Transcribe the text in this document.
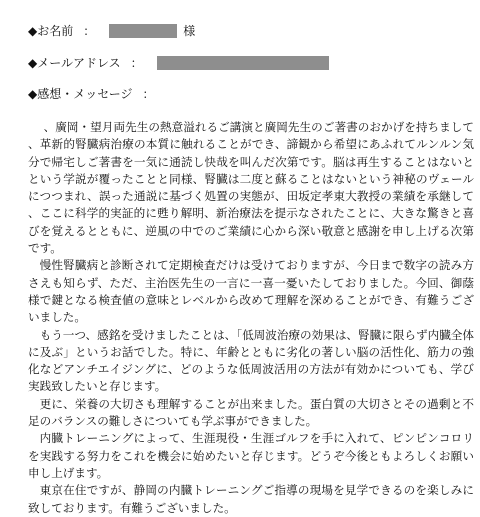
◆お名前 ：	様
◆メールアドレス ：
◆感想・メッセージ ：

、廣岡・望月両先生の熱意溢れるご講演と廣岡先生のご著書のおかげを持ちまして、革新的腎臓病治療の本質に触れることができ、諦観から希望にあふれてルンルン気分で帰宅しご著書を一気に通読し快哉を叫んだ次第です。脳は再生することはないとという学説が覆ったことと同様、腎臓は二度と蘇ることはないという神秘のヴェールにつつまれ、誤った通説に基づく処置の実態が、田坂定孝東大教授の業績を承継して、ここに科学的実証的に甦り解明、新治療法を提示なされたことに、大きな驚きと喜びを覚えるとともに、逆風の中でのご業績に心から深い敬意と感謝を申し上げる次第です。

慢性腎臓病と診断されて定期検査だけは受けておりますが、今日まで数字の読み方さえも知らず、ただ、主治医先生の一言に一喜一憂いたしておりました。今回、御蔭様で鍵となる検査値の意味とレベルから改めて理解を深めることができ、有難うございました。

もう一つ、感銘を受けましたことは、「低周波治療の効果は、腎臓に限らず内臓全体に及ぶ」というお話でした。特に、年齢とともに劣化の著しい脳の活性化、筋力の強化などアンチエイジングに、どのような低周波活用の方法が有効かについても、学び実践致したいと存じます。

更に、栄養の大切さも理解することが出来ました。蛋白質の大切さとその過剰と不足のバランスの難しさについても学ぶ事ができました。

内臓トレーニングによって、生涯現役・生涯ゴルフを手に入れて、ピンピンコロリを実践する努力をこれを機会に始めたいと存じます。どうぞ今後ともよろしくお願い申し上げます。

東京在住ですが、静岡の内臓トレーニングご指導の現場を見学できるのを楽しみに致しております。有難うございました。
